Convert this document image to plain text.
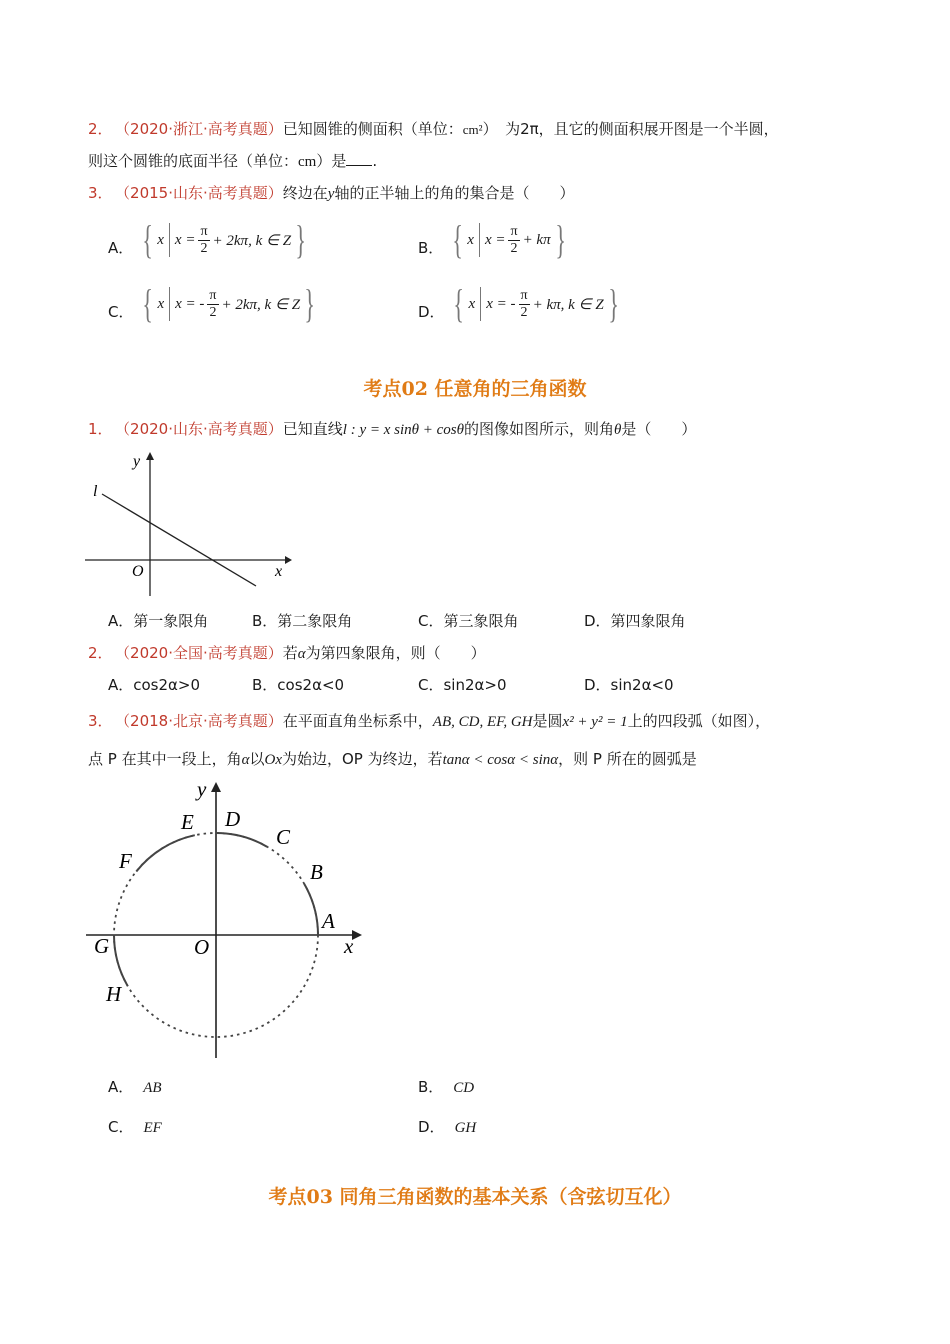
2． （2020·浙江·高考真题）已知圆锥的侧面积（单位：cm²）　为2π，且它的侧面积展开图是一个半圆，
则这个圆锥的底面半径（单位：cm）是 .
3． （2015·山东·高考真题）终边在y轴的正半轴上的角的集合是（　　）
A． { x $x = \frac{\pi}{2} + 2k\pi$, k ∈ Z }	B． { x $x = \frac{\pi}{2} + k\pi$ }
C． { x x = - $\frac{\pi}{2} + 2k\pi$, k ∈ Z }	D． { x x = - $\frac{\pi}{2} + k\pi$, k ∈ Z }
考点02 任意角的三角函数
1． （2020·山东·高考真题）已知直线l : y = x sinθ + cosθ的图像如图所示，则角θ是（　　）
y
l
O	x
A．第一象限角	B．第二象限角	C．第三象限角	D．第四象限角
2． （2020·全国·高考真题）若α为第四象限角，则（　　）
A．cos2α>0	B．cos2α<0	C．sin2α>0	D．sin2α<0
3． （2018·北京·高考真题）在平面直角坐标系中，AB, CD, EF, GH是圆x² + y² = 1上的四段弧（如图），
点 P 在其中一段上，角α以Ox为始边，OP 为终边，若tanα < cosα < sinα，则 P 所在的圆弧是
y
x
O
A
B
C
D
E
F
G
H
A． AB	B． CD
C． EF	D． GH
考点03 同角三角函数的基本关系（含弦切互化）
